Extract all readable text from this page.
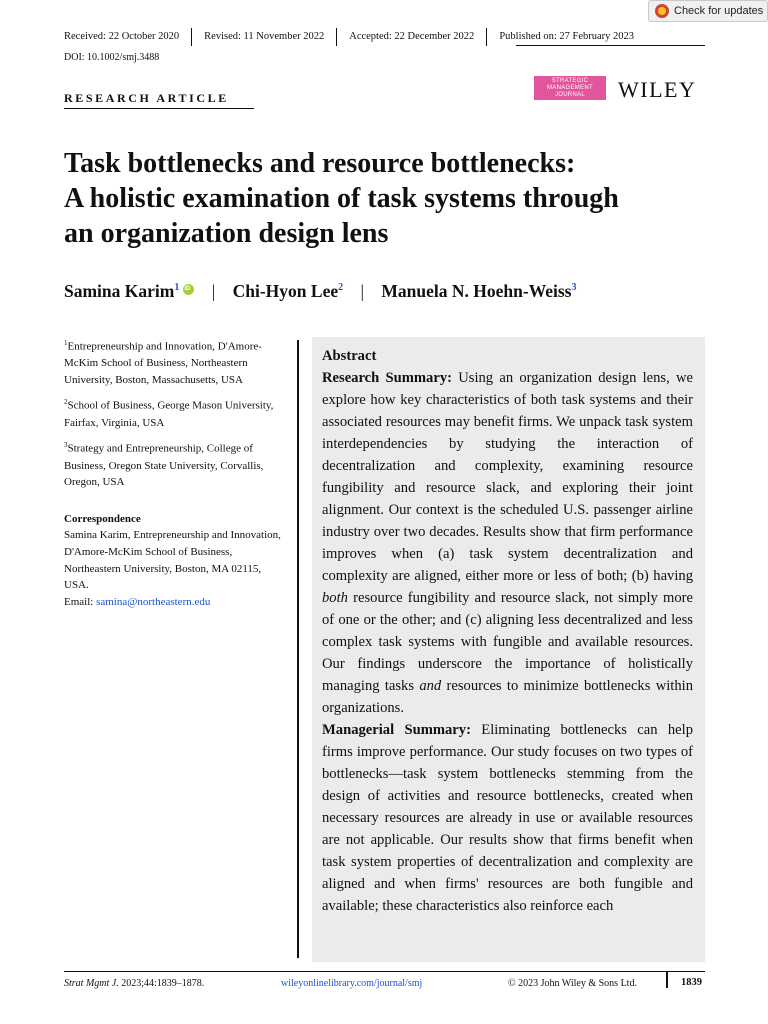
Check for updates
Received: 22 October 2020	Revised: 11 November 2022	Accepted: 22 December 2022	Published on: 27 February 2023
DOI: 10.1002/smj.3488
RESEARCH ARTICLE
STRATEGIC
MANAGEMENT
JOURNAL	WILEY
Task bottlenecks and resource bottlenecks:
A holistic examination of task systems through
an organization design lens
Samina Karim$^1$iD | Chi-Hyon Lee$^2$ | Manuela N. Hoehn-Weiss$^3$

$^1$Entrepreneurship and Innovation, D'Amore-McKim School of Business, Northeastern University, Boston, Massachusetts, USA

$^2$School of Business, George Mason University, Fairfax, Virginia, USA

$^3$Strategy and Entrepreneurship, College of Business, Oregon State University, Corvallis, Oregon, USA

Correspondence

Samina Karim, Entrepreneurship and Innovation, D'Amore-McKim School of Business, Northeastern University, Boston, MA 02115, USA.
Email: samina@northeastern.edu

Abstract

Research Summary: Using an organization design lens, we explore how key characteristics of both task systems and their associated resources may benefit firms. We unpack task system interdependencies by studying the interaction of decentralization and complexity, examining resource fungibility and resource slack, and exploring their joint alignment. Our context is the scheduled U.S. passenger airline industry over two decades. Results show that firm performance improves when (a) task system decentralization and complexity are aligned, either more or less of both; (b) having both resource fungibility and resource slack, not simply more of one or the other; and (c) aligning less decentralized and less complex task systems with fungible and available resources. Our findings underscore the importance of holistically managing tasks and resources to minimize bottlenecks within organizations.

Managerial Summary: Eliminating bottlenecks can help firms improve performance. Our study focuses on two types of bottlenecks—task system bottlenecks stemming from the design of activities and resource bottlenecks, created when necessary resources are already in use or available resources are not applicable. Our results show that firms benefit when task system properties of decentralization and complexity are aligned and when firms' resources are both fungible and available; these characteristics also reinforce each

Strat Mgmt J. 2023;44:1839–1878.	wileyonlinelibrary.com/journal/smj	© 2023 John Wiley & Sons Ltd.	1839
